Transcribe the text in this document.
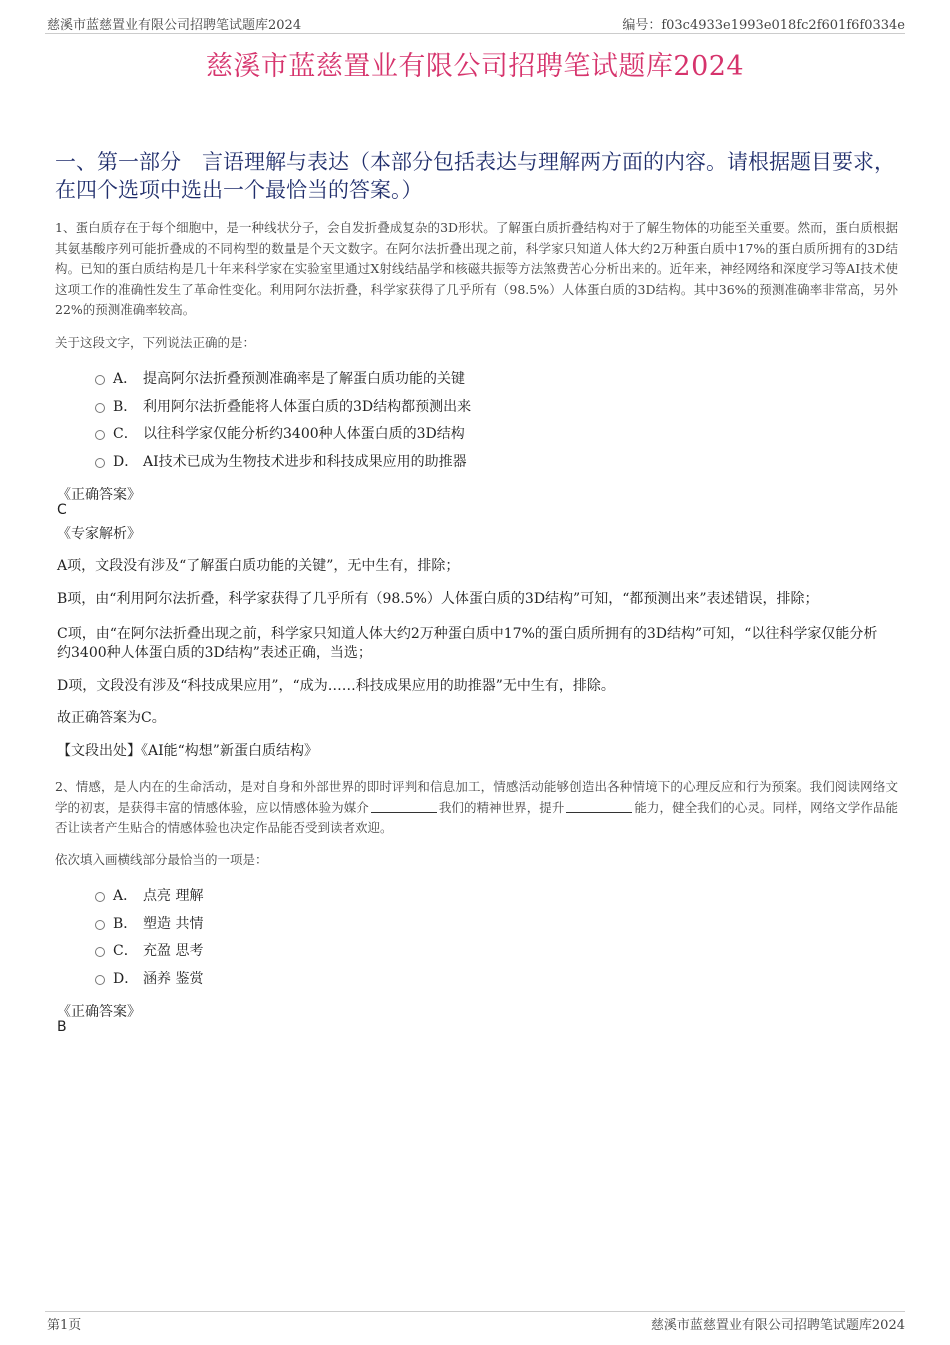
慈溪市蓝慈置业有限公司招聘笔试题库2024	编号：f03c4933e1993e018fc2f601f6f0334e
慈溪市蓝慈置业有限公司招聘笔试题库2024
一、第一部分　言语理解与表达（本部分包括表达与理解两方面的内容。请根据题目要求，在四个选项中选出一个最恰当的答案。）
1、蛋白质存在于每个细胞中，是一种线状分子，会自发折叠成复杂的3D形状。了解蛋白质折叠结构对于了解生物体的功能至关重要。然而，蛋白质根据其氨基酸序列可能折叠成的不同构型的数量是个天文数字。在阿尔法折叠出现之前，科学家只知道人体大约2万种蛋白质中17%的蛋白质所拥有的3D结构。已知的蛋白质结构是几十年来科学家在实验室里通过X射线结晶学和核磁共振等方法煞费苦心分析出来的。近年来，神经网络和深度学习等AI技术使这项工作的准确性发生了革命性变化。利用阿尔法折叠，科学家获得了几乎所有（98.5%）人体蛋白质的3D结构。其中36%的预测准确率非常高，另外22%的预测准确率较高。
关于这段文字，下列说法正确的是：
A． 提高阿尔法折叠预测准确率是了解蛋白质功能的关键
B． 利用阿尔法折叠能将人体蛋白质的3D结构都预测出来
C． 以往科学家仅能分析约3400种人体蛋白质的3D结构
D． AI技术已成为生物技术进步和科技成果应用的助推器
《正确答案》
C
《专家解析》
A项，文段没有涉及“了解蛋白质功能的关键”，无中生有，排除；
B项，由“利用阿尔法折叠，科学家获得了几乎所有（98.5%）人体蛋白质的3D结构”可知，“都预测出来”表述错误，排除；
C项，由“在阿尔法折叠出现之前，科学家只知道人体大约2万种蛋白质中17%的蛋白质所拥有的3D结构”可知，“以往科学家仅能分析约3400种人体蛋白质的3D结构”表述正确，当选；
D项，文段没有涉及“科技成果应用”，“成为……科技成果应用的助推器”无中生有，排除。
故正确答案为C。
【文段出处】《AI能“构想”新蛋白质结构》
2、情感，是人内在的生命活动，是对自身和外部世界的即时评判和信息加工，情感活动能够创造出各种情境下的心理反应和行为预案。我们阅读网络文学的初衷，是获得丰富的情感体验，应以情感体验为媒介	我们的精神世界，提升	能力，健全我们的心灵。同样，网络文学作品能否让读者产生贴合的情感体验也决定作品能否受到读者欢迎。
依次填入画横线部分最恰当的一项是：
A． 点亮 理解
B． 塑造 共情
C． 充盈 思考
D． 涵养 鉴赏
《正确答案》
B
第1页	慈溪市蓝慈置业有限公司招聘笔试题库2024
